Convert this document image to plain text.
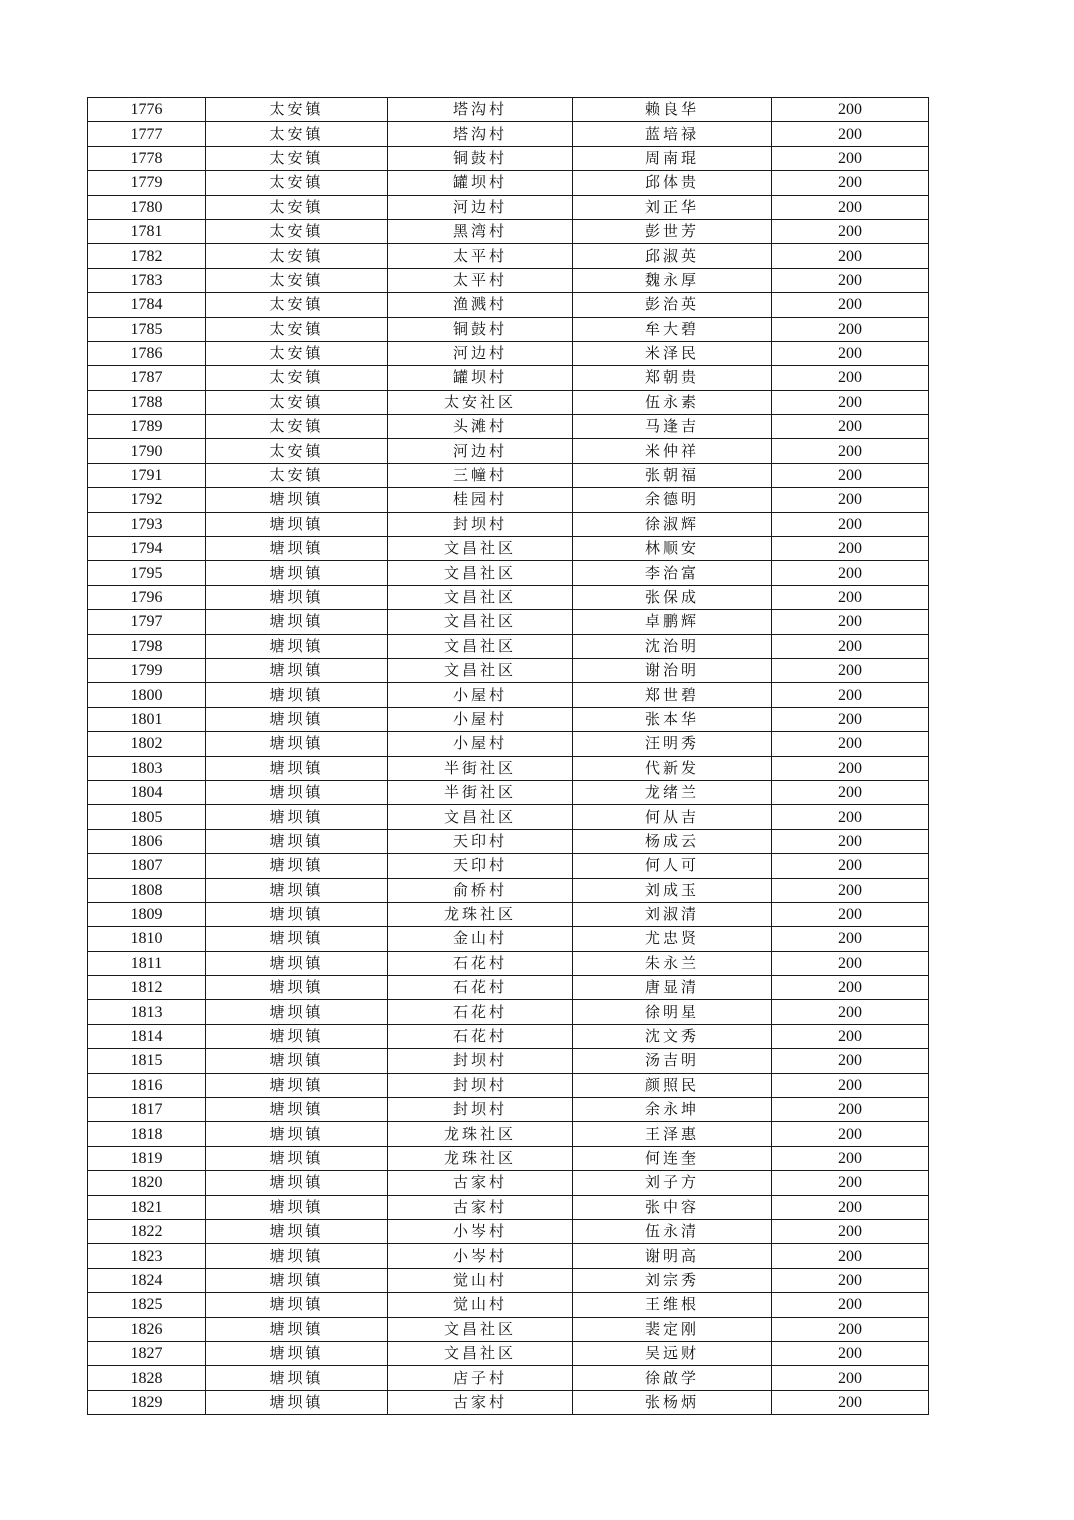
1776	太安镇	塔沟村	赖良华	200
1777	太安镇	塔沟村	蓝培禄	200
1778	太安镇	铜鼓村	周南琨	200
1779	太安镇	罐坝村	邱体贵	200
1780	太安镇	河边村	刘正华	200
1781	太安镇	黑湾村	彭世芳	200
1782	太安镇	太平村	邱淑英	200
1783	太安镇	太平村	魏永厚	200
1784	太安镇	渔溅村	彭治英	200
1785	太安镇	铜鼓村	牟大碧	200
1786	太安镇	河边村	米泽民	200
1787	太安镇	罐坝村	郑朝贵	200
1788	太安镇	太安社区	伍永素	200
1789	太安镇	头滩村	马逢吉	200
1790	太安镇	河边村	米仲祥	200
1791	太安镇	三幢村	张朝福	200
1792	塘坝镇	桂园村	余德明	200
1793	塘坝镇	封坝村	徐淑辉	200
1794	塘坝镇	文昌社区	林顺安	200
1795	塘坝镇	文昌社区	李治富	200
1796	塘坝镇	文昌社区	张保成	200
1797	塘坝镇	文昌社区	卓鹏辉	200
1798	塘坝镇	文昌社区	沈治明	200
1799	塘坝镇	文昌社区	谢治明	200
1800	塘坝镇	小屋村	郑世碧	200
1801	塘坝镇	小屋村	张本华	200
1802	塘坝镇	小屋村	汪明秀	200
1803	塘坝镇	半街社区	代新发	200
1804	塘坝镇	半街社区	龙绪兰	200
1805	塘坝镇	文昌社区	何从吉	200
1806	塘坝镇	天印村	杨成云	200
1807	塘坝镇	天印村	何人可	200
1808	塘坝镇	俞桥村	刘成玉	200
1809	塘坝镇	龙珠社区	刘淑清	200
1810	塘坝镇	金山村	尤忠贤	200
1811	塘坝镇	石花村	朱永兰	200
1812	塘坝镇	石花村	唐显清	200
1813	塘坝镇	石花村	徐明星	200
1814	塘坝镇	石花村	沈文秀	200
1815	塘坝镇	封坝村	汤吉明	200
1816	塘坝镇	封坝村	颜照民	200
1817	塘坝镇	封坝村	余永坤	200
1818	塘坝镇	龙珠社区	王泽惠	200
1819	塘坝镇	龙珠社区	何连奎	200
1820	塘坝镇	古家村	刘子方	200
1821	塘坝镇	古家村	张中容	200
1822	塘坝镇	小岑村	伍永清	200
1823	塘坝镇	小岑村	谢明高	200
1824	塘坝镇	觉山村	刘宗秀	200
1825	塘坝镇	觉山村	王维根	200
1826	塘坝镇	文昌社区	裴定刚	200
1827	塘坝镇	文昌社区	吴远财	200
1828	塘坝镇	店子村	徐啟学	200
1829	塘坝镇	古家村	张杨炳	200
